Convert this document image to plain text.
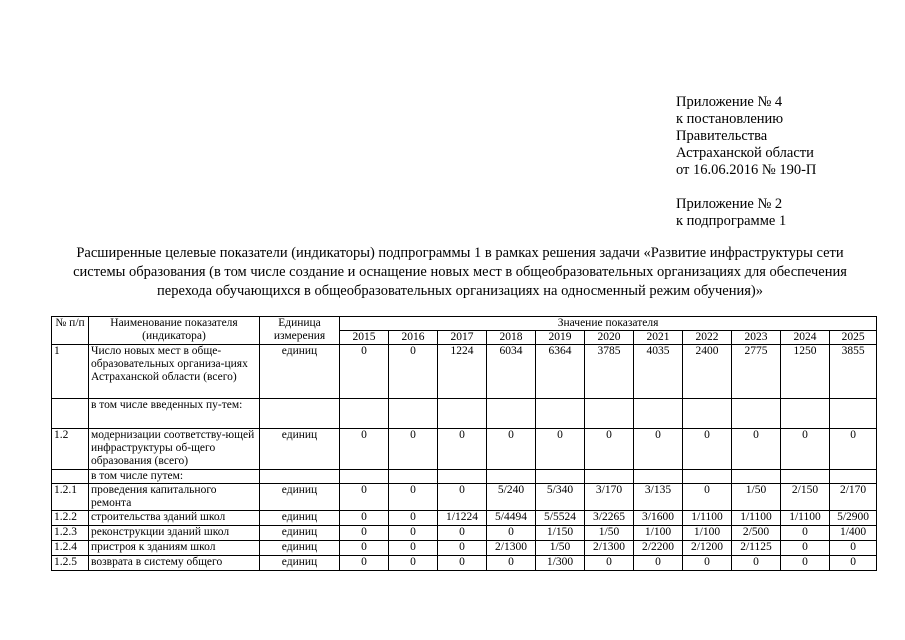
Приложение № 4
к постановлению
Правительства
Астраханской области
от 16.06.2016 № 190-П
Приложение № 2
к подпрограмме 1
Расширенные целевые показатели (индикаторы) подпрограммы 1 в рамках решения задачи «Развитие инфраструктуры сети
системы образования (в том числе создание и оснащение новых мест в общеобразовательных организациях для обеспечения
перехода обучающихся в общеобразовательных организациях на односменный режим обучения)»
№ п/п	Наименование показателя (индикатора)	Единица измерения	Значение показателя										
			2015	2016	2017	2018	2019	2020	2021	2022	2023	2024	2025
1	Число новых мест в обще-образовательных организа-циях Астраханской области (всего)	единиц	0	0	1224	6034	6364	3785	4035	2400	2775	1250	3855
	в том числе введенных пу-тем:												
1.2	модернизации соответству-ющей инфраструктуры об-щего образования (всего)	единиц	0	0	0	0	0	0	0	0	0	0	0
	в том числе путем:												
1.2.1	проведения капитального ремонта	единиц	0	0	0	5/240	5/340	3/170	3/135	0	1/50	2/150	2/170
1.2.2	строительства зданий школ	единиц	0	0	1/1224	5/4494	5/5524	3/2265	3/1600	1/1100	1/1100	1/1100	5/2900
1.2.3	реконструкции зданий школ	единиц	0	0	0	0	1/150	1/50	1/100	1/100	2/500	0	1/400
1.2.4	пристроя к зданиям школ	единиц	0	0	0	2/1300	1/50	2/1300	2/2200	2/1200	2/1125	0	0
1.2.5	возврата в систему общего	единиц	0	0	0	0	1/300	0	0	0	0	0	0
